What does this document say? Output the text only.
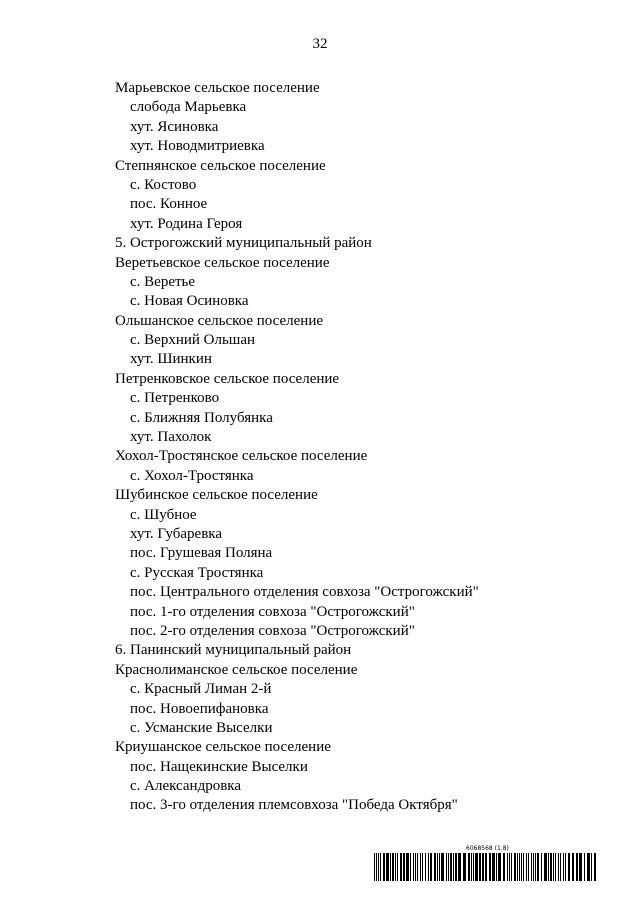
32
Марьевское сельское поселение
слобода Марьевка
хут. Ясиновка
хут. Новодмитриевка
Степнянское сельское поселение
с. Костово
пос. Конное
хут. Родина Героя
5. Острогожский муниципальный район
Веретьевское сельское поселение
с. Веретье
с. Новая Осиновка
Ольшанское сельское поселение
с. Верхний Ольшан
хут. Шинкин
Петренковское сельское поселение
с. Петренково
с. Ближняя Полубянка
хут. Пахолок
Хохол-Тростянское сельское поселение
с. Хохол-Тростянка
Шубинское сельское поселение
с. Шубное
хут. Губаревка
пос. Грушевая Поляна
с. Русская Тростянка
пос. Центрального отделения совхоза "Острогожский"
пос. 1-го отделения совхоза "Острогожский"
пос. 2-го отделения совхоза "Острогожский"
6. Панинский муниципальный район
Краснолиманское сельское поселение
с. Красный Лиман 2-й
пос. Новоепифановка
с. Усманские Выселки
Криушанское сельское поселение
пос. Нащекинские Выселки
с. Александровка
пос. 3-го отделения племсовхоза "Победа Октября"
6068568 (1.8)
